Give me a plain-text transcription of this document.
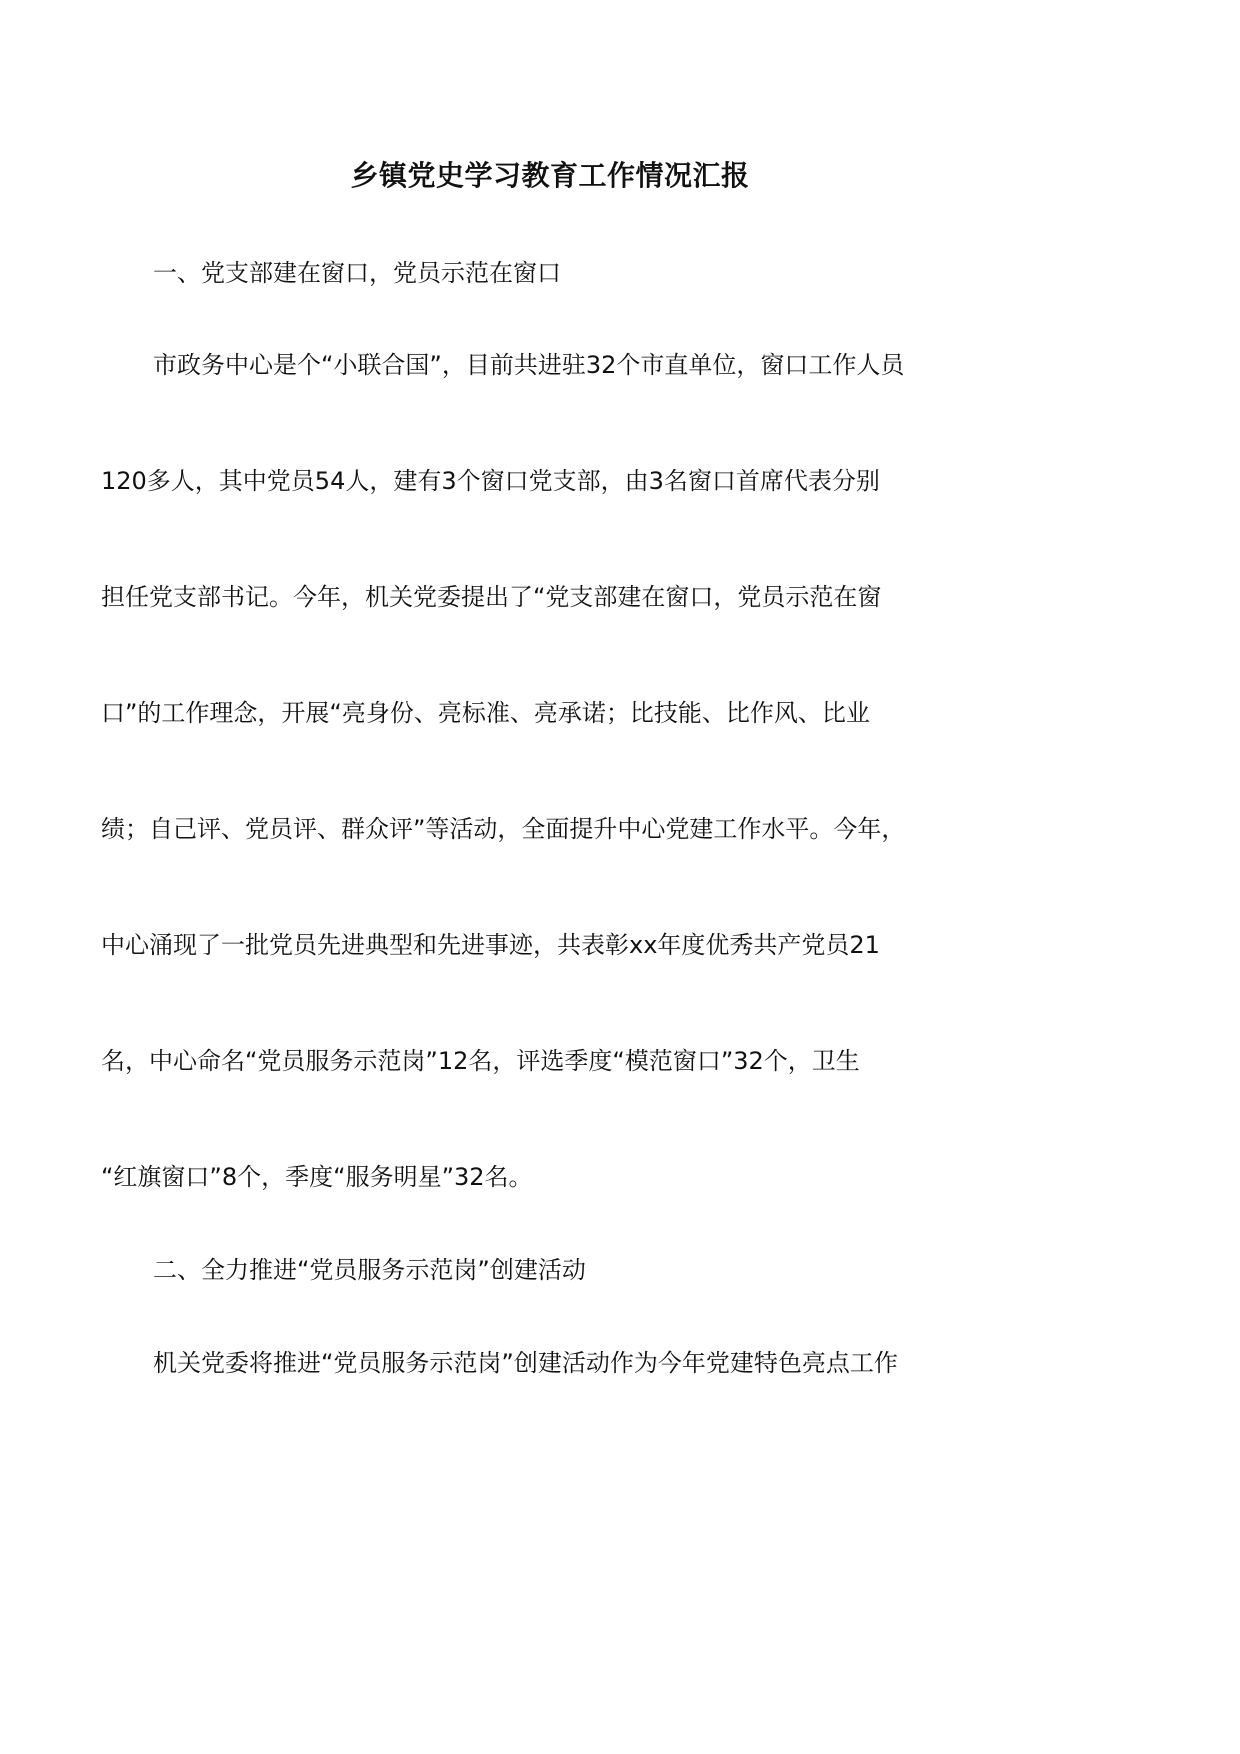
乡镇党史学习教育工作情况汇报
一、党支部建在窗口，党员示范在窗口
市政务中心是个“小联合国”，目前共进驻32个市直单位，窗口工作人员
120多人，其中党员54人，建有3个窗口党支部，由3名窗口首席代表分别
担任党支部书记。今年，机关党委提出了“党支部建在窗口，党员示范在窗
口”的工作理念，开展“亮身份、亮标准、亮承诺；比技能、比作风、比业
绩；自己评、党员评、群众评”等活动，全面提升中心党建工作水平。今年，
中心涌现了一批党员先进典型和先进事迹，共表彰xx年度优秀共产党员21
名，中心命名“党员服务示范岗”12名，评选季度“模范窗口”32个，卫生
“红旗窗口”8个，季度“服务明星”32名。
二、全力推进“党员服务示范岗”创建活动
机关党委将推进“党员服务示范岗”创建活动作为今年党建特色亮点工作
